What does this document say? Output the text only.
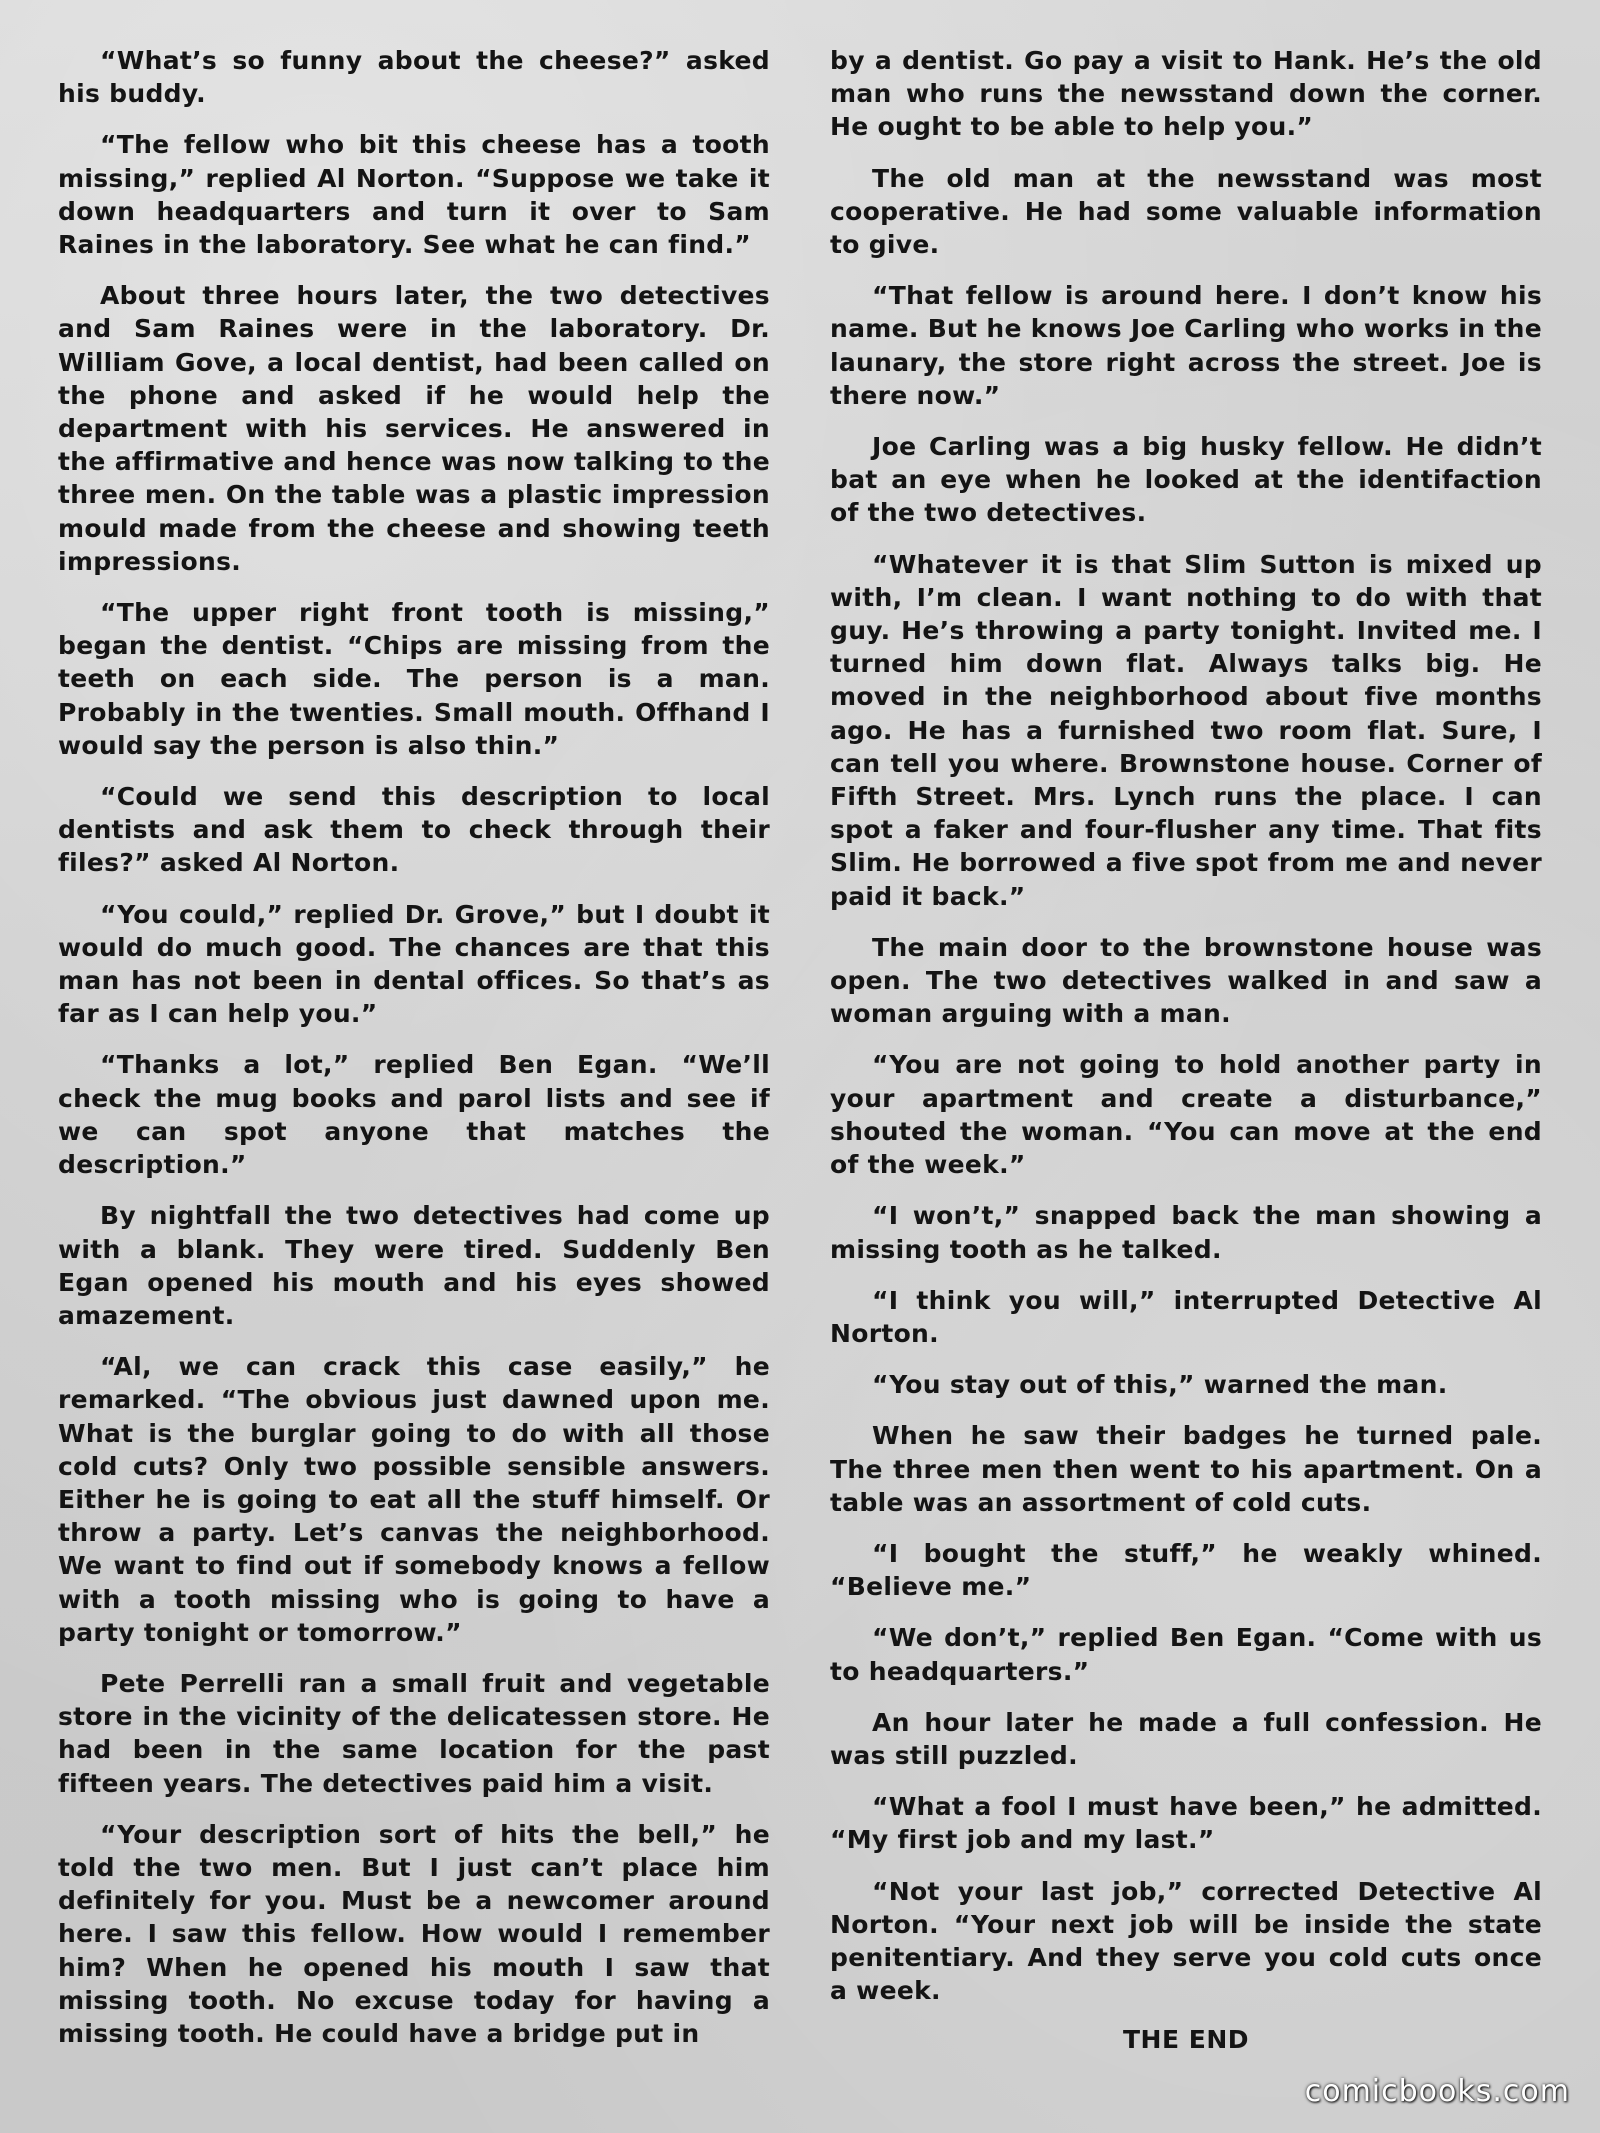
“What’s so funny about the cheese?” asked his buddy.

“The fellow who bit this cheese has a tooth missing,” replied Al Norton. “Suppose we take it down headquarters and turn it over to Sam Raines in the laboratory. See what he can find.”

About three hours later, the two detectives and Sam Raines were in the laboratory. Dr. William Gove, a local dentist, had been called on the phone and asked if he would help the department with his services. He answered in the affirmative and hence was now talking to the three men. On the table was a plastic impression mould made from the cheese and showing teeth impressions.

“The upper right front tooth is missing,” began the dentist. “Chips are missing from the teeth on each side. The person is a man. Probably in the twenties. Small mouth. Offhand I would say the person is also thin.”

“Could we send this description to local dentists and ask them to check through their files?” asked Al Norton.

“You could,” replied Dr. Grove,” but I doubt it would do much good. The chances are that this man has not been in dental offices. So that’s as far as I can help you.”

“Thanks a lot,” replied Ben Egan. “We’ll check the mug books and parol lists and see if we can spot anyone that matches the description.”

By nightfall the two detectives had come up with a blank. They were tired. Suddenly Ben Egan opened his mouth and his eyes showed amazement.

“Al, we can crack this case easily,” he remarked. “The obvious just dawned upon me. What is the burglar going to do with all those cold cuts? Only two possible sensible answers. Either he is going to eat all the stuff himself. Or throw a party. Let’s canvas the neighborhood. We want to find out if somebody knows a fellow with a tooth missing who is going to have a party tonight or tomorrow.”

Pete Perrelli ran a small fruit and vegetable store in the vicinity of the delicatessen store. He had been in the same location for the past fifteen years. The detectives paid him a visit.

“Your description sort of hits the bell,” he told the two men. But I just can’t place him definitely for you. Must be a newcomer around here. I saw this fellow. How would I remember him? When he opened his mouth I saw that missing tooth. No excuse today for having a missing tooth. He could have a bridge put in

by a dentist. Go pay a visit to Hank. He’s the old man who runs the newsstand down the corner. He ought to be able to help you.”

The old man at the newsstand was most cooperative. He had some valuable information to give.

“That fellow is around here. I don’t know his name. But he knows Joe Carling who works in the launary, the store right across the street. Joe is there now.”

Joe Carling was a big husky fellow. He didn’t bat an eye when he looked at the identifaction of the two detectives.

“Whatever it is that Slim Sutton is mixed up with, I’m clean. I want nothing to do with that guy. He’s throwing a party tonight. Invited me. I turned him down flat. Always talks big. He moved in the neighborhood about five months ago. He has a furnished two room flat. Sure, I can tell you where. Brownstone house. Corner of Fifth Street. Mrs. Lynch runs the place. I can spot a faker and four-flusher any time. That fits Slim. He borrowed a five spot from me and never paid it back.”

The main door to the brownstone house was open. The two detectives walked in and saw a woman arguing with a man.

“You are not going to hold another party in your apartment and create a disturbance,” shouted the woman. “You can move at the end of the week.”

“I won’t,” snapped back the man showing a missing tooth as he talked.

“I think you will,” interrupted Detective Al Norton.

“You stay out of this,” warned the man.

When he saw their badges he turned pale. The three men then went to his apartment. On a table was an assortment of cold cuts.

“I bought the stuff,” he weakly whined. “Believe me.”

“We don’t,” replied Ben Egan. “Come with us to headquarters.”

An hour later he made a full confession. He was still puzzled.

“What a fool I must have been,” he admitted. “My first job and my last.”

“Not your last job,” corrected Detective Al Norton. “Your next job will be inside the state penitentiary. And they serve you cold cuts once a week.

THE END

comicbooks.com
